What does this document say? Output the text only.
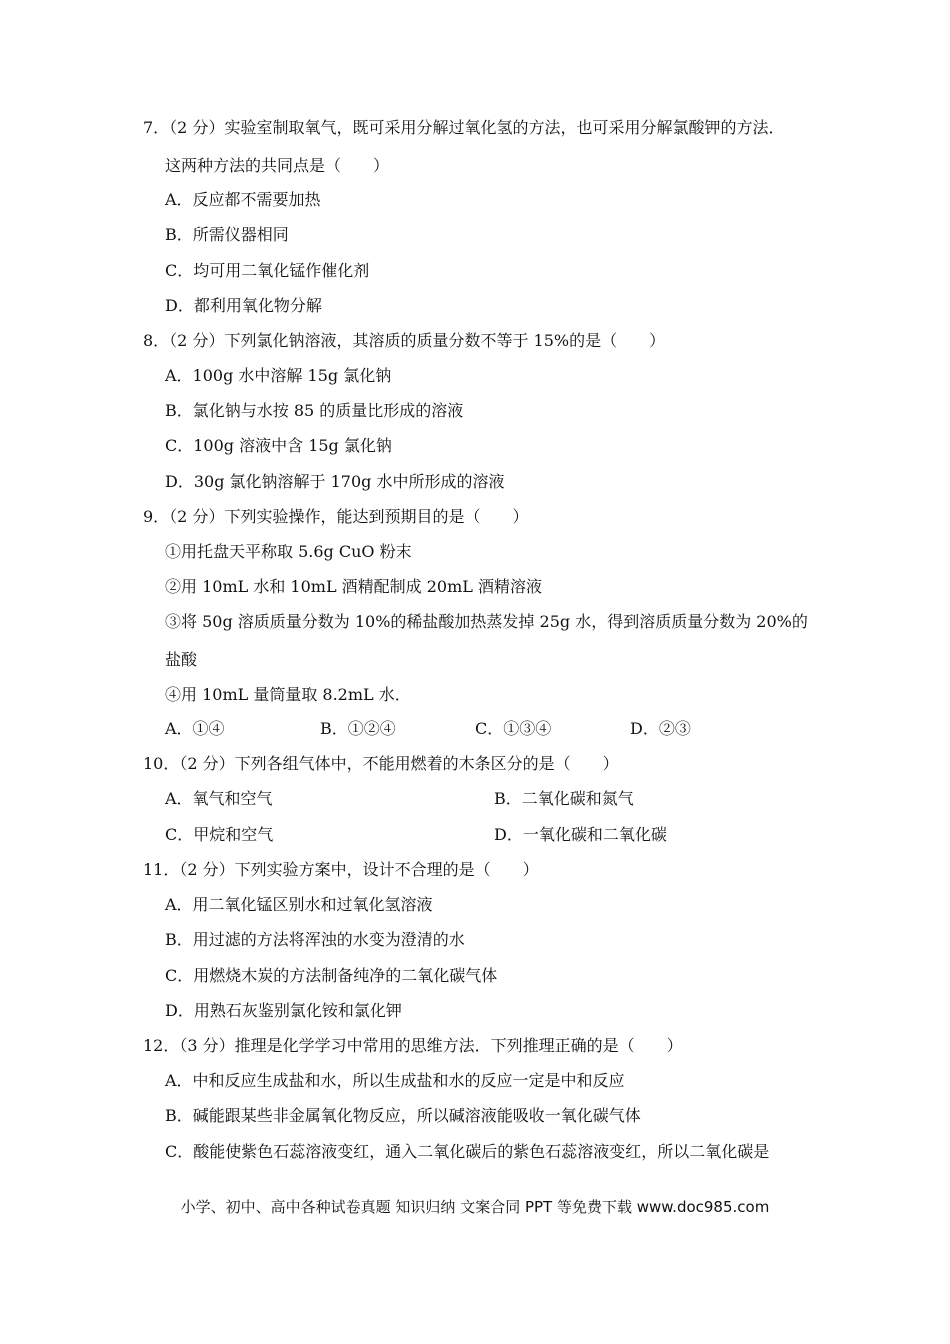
7．（2 分）实验室制取氧气，既可采用分解过氧化氢的方法，也可采用分解氯酸钾的方法．
这两种方法的共同点是（　　）
A．反应都不需要加热
B．所需仪器相同
C．均可用二氧化锰作催化剂
D．都利用氧化物分解
8．（2 分）下列氯化钠溶液，其溶质的质量分数不等于 15%的是（　　）
A．100g 水中溶解 15g 氯化钠
B．氯化钠与水按 85 的质量比形成的溶液
C．100g 溶液中含 15g 氯化钠
D．30g 氯化钠溶解于 170g 水中所形成的溶液
9．（2 分）下列实验操作，能达到预期目的是（　　）
①用托盘天平称取 5.6g CuO 粉末
②用 10mL 水和 10mL 酒精配制成 20mL 酒精溶液
③将 50g 溶质质量分数为 10%的稀盐酸加热蒸发掉 25g 水，得到溶质质量分数为 20%的
盐酸
④用 10mL 量筒量取 8.2mL 水．
A．①④	B．①②④	C．①③④	D．②③
10．（2 分）下列各组气体中，不能用燃着的木条区分的是（　　）
A．氧气和空气	B．二氧化碳和氮气
C．甲烷和空气	D．一氧化碳和二氧化碳
11．（2 分）下列实验方案中，设计不合理的是（　　）
A．用二氧化锰区别水和过氧化氢溶液
B．用过滤的方法将浑浊的水变为澄清的水
C．用燃烧木炭的方法制备纯净的二氧化碳气体
D．用熟石灰鉴别氯化铵和氯化钾
12．（3 分）推理是化学学习中常用的思维方法．下列推理正确的是（　　）
A．中和反应生成盐和水，所以生成盐和水的反应一定是中和反应
B．碱能跟某些非金属氧化物反应，所以碱溶液能吸收一氧化碳气体
C．酸能使紫色石蕊溶液变红，通入二氧化碳后的紫色石蕊溶液变红，所以二氧化碳是
小学、初中、高中各种试卷真题 知识归纳 文案合同 PPT 等免费下载 www.doc985.com
